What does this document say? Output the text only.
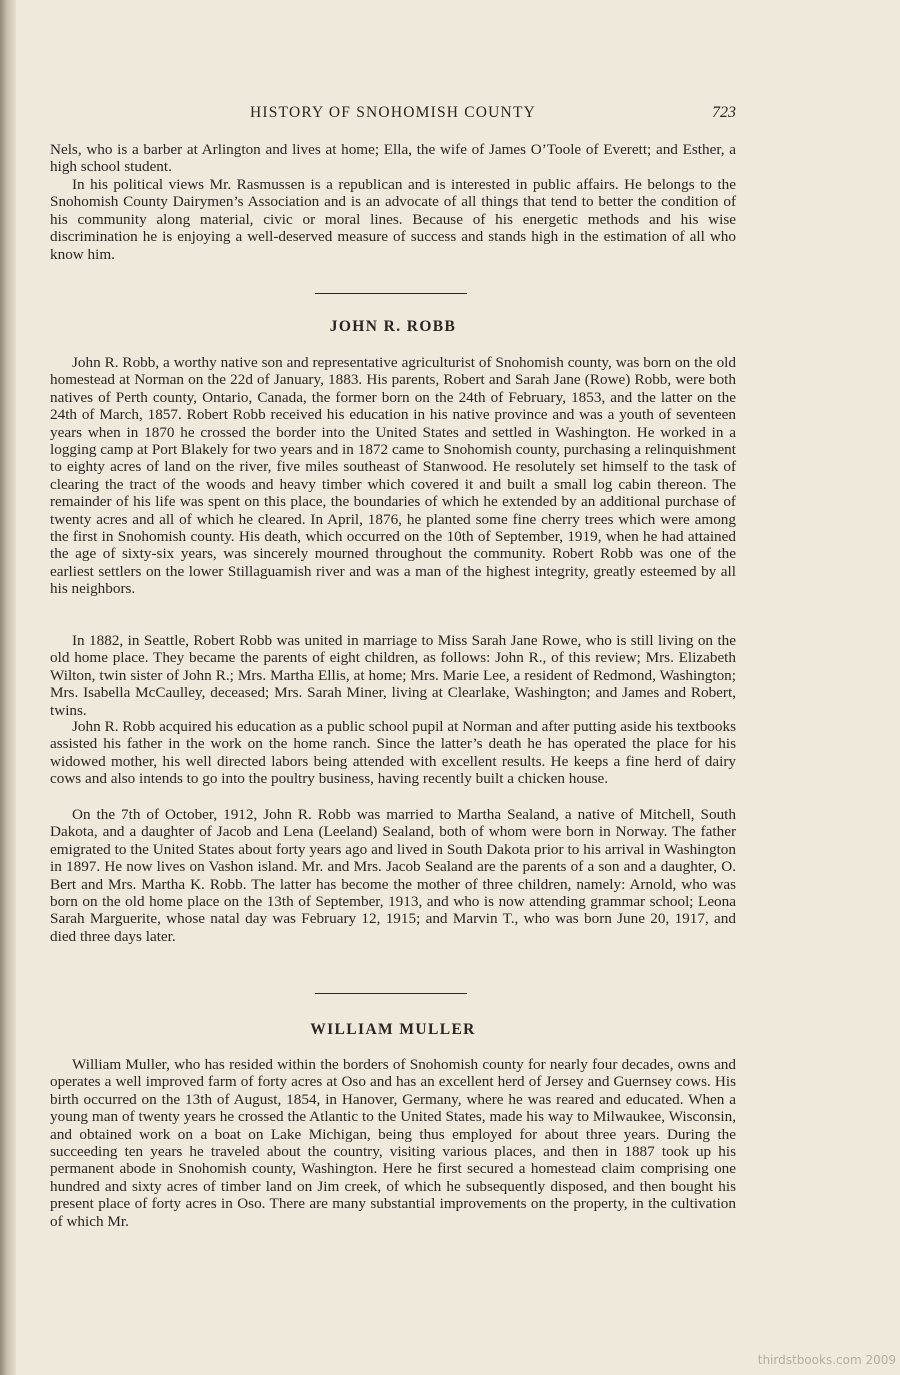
HISTORY OF SNOHOMISH COUNTY	723

Nels, who is a barber at Arlington and lives at home; Ella, the wife of James O’Toole of Everett; and Esther, a high school student.

In his political views Mr. Rasmussen is a republican and is interested in public affairs. He belongs to the Snohomish County Dairymen’s Association and is an advocate of all things that tend to better the condition of his community along material, civic or moral lines. Because of his energetic methods and his wise discrimination he is enjoying a well-deserved measure of success and stands high in the estimation of all who know him.

JOHN R. ROBB

John R. Robb, a worthy native son and representative agriculturist of Snohomish county, was born on the old homestead at Norman on the 22d of January, 1883. His parents, Robert and Sarah Jane (Rowe) Robb, were both natives of Perth county, Ontario, Canada, the former born on the 24th of February, 1853, and the latter on the 24th of March, 1857. Robert Robb received his education in his native province and was a youth of seventeen years when in 1870 he crossed the border into the United States and settled in Washington. He worked in a logging camp at Port Blakely for two years and in 1872 came to Snohomish county, purchasing a relinquishment to eighty acres of land on the river, five miles southeast of Stanwood. He resolutely set himself to the task of clearing the tract of the woods and heavy timber which covered it and built a small log cabin thereon. The remainder of his life was spent on this place, the boundaries of which he extended by an additional purchase of twenty acres and all of which he cleared. In April, 1876, he planted some fine cherry trees which were among the first in Snohomish county. His death, which occurred on the 10th of September, 1919, when he had attained the age of sixty-six years, was sincerely mourned throughout the community. Robert Robb was one of the earliest settlers on the lower Stillaguamish river and was a man of the highest integrity, greatly esteemed by all his neighbors.

In 1882, in Seattle, Robert Robb was united in marriage to Miss Sarah Jane Rowe, who is still living on the old home place. They became the parents of eight children, as follows: John R., of this review; Mrs. Elizabeth Wilton, twin sister of John R.; Mrs. Martha Ellis, at home; Mrs. Marie Lee, a resident of Redmond, Washington; Mrs. Isabella McCaulley, deceased; Mrs. Sarah Miner, living at Clearlake, Washington; and James and Robert, twins.

John R. Robb acquired his education as a public school pupil at Norman and after putting aside his textbooks assisted his father in the work on the home ranch. Since the latter’s death he has operated the place for his widowed mother, his well directed labors being attended with excellent results. He keeps a fine herd of dairy cows and also intends to go into the poultry business, having recently built a chicken house.

On the 7th of October, 1912, John R. Robb was married to Martha Sealand, a native of Mitchell, South Dakota, and a daughter of Jacob and Lena (Leeland) Sealand, both of whom were born in Norway. The father emigrated to the United States about forty years ago and lived in South Dakota prior to his arrival in Washington in 1897. He now lives on Vashon island. Mr. and Mrs. Jacob Sealand are the parents of a son and a daughter, O. Bert and Mrs. Martha K. Robb. The latter has become the mother of three children, namely: Arnold, who was born on the old home place on the 13th of September, 1913, and who is now attending grammar school; Leona Sarah Marguerite, whose natal day was February 12, 1915; and Marvin T., who was born June 20, 1917, and died three days later.

WILLIAM MULLER

William Muller, who has resided within the borders of Snohomish county for nearly four decades, owns and operates a well improved farm of forty acres at Oso and has an excellent herd of Jersey and Guernsey cows. His birth occurred on the 13th of August, 1854, in Hanover, Germany, where he was reared and educated. When a young man of twenty years he crossed the Atlantic to the United States, made his way to Milwaukee, Wisconsin, and obtained work on a boat on Lake Michigan, being thus employed for about three years. During the succeeding ten years he traveled about the country, visiting various places, and then in 1887 took up his permanent abode in Snohomish county, Washington. Here he first secured a homestead claim comprising one hundred and sixty acres of timber land on Jim creek, of which he subsequently disposed, and then bought his present place of forty acres in Oso. There are many substantial improvements on the property, in the cultivation of which Mr.

thirdstbooks.com 2009
